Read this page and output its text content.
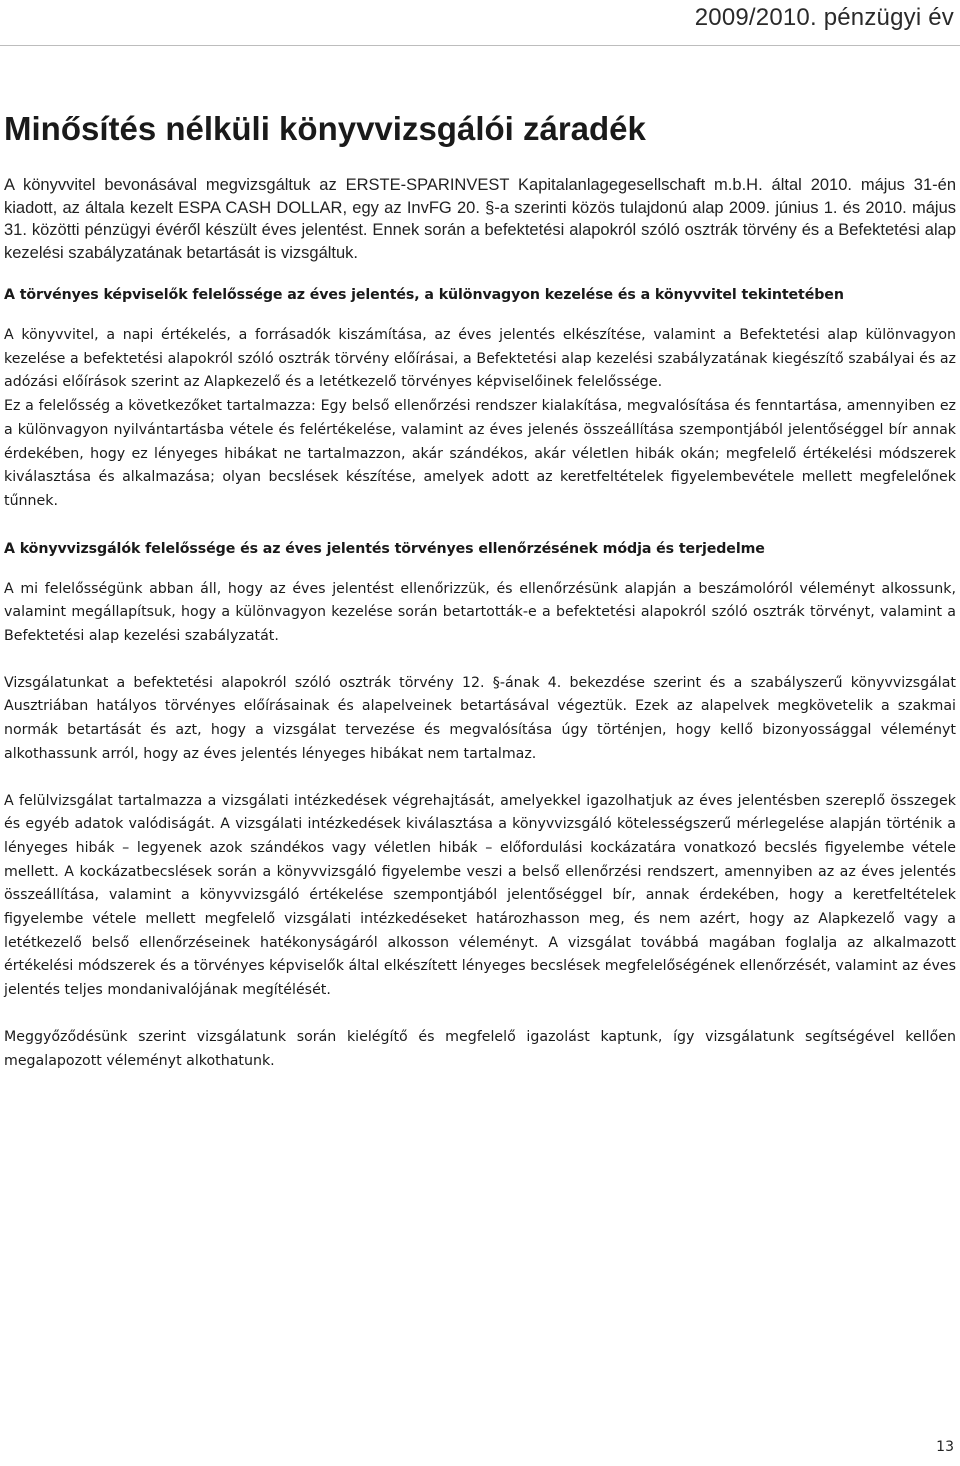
2009/2010. pénzügyi év
Minősítés nélküli könyvvizsgálói záradék

A könyvvitel bevonásával megvizsgáltuk az ERSTE-SPARINVEST Kapitalanlagegesellschaft m.b.H. által 2010. május 31-én kiadott, az általa kezelt ESPA CASH DOLLAR, egy az InvFG 20. §-a szerinti közös tulajdonú alap 2009. június 1. és 2010. május 31. közötti pénzügyi évéről készült éves jelentést. Ennek során a befektetési alapokról szóló osztrák törvény és a Befektetési alap kezelési szabályzatának betartását is vizsgáltuk.

A törvényes képviselők felelőssége az éves jelentés, a különvagyon kezelése és a könyvvitel tekintetében

A könyvvitel, a napi értékelés, a forrásadók kiszámítása, az éves jelentés elkészítése, valamint a Befektetési alap különvagyon kezelése a befektetési alapokról szóló osztrák törvény előírásai, a Befektetési alap kezelési szabályzatának kiegészítő szabályai és az adózási előírások szerint az Alapkezelő és a letétkezelő törvényes képviselőinek felelőssége.

Ez a felelősség a következőket tartalmazza: Egy belső ellenőrzési rendszer kialakítása, megvalósítása és fenntartása, amennyiben ez a különvagyon nyilvántartásba vétele és felértékelése, valamint az éves jelenés összeállítása szempontjából jelentőséggel bír annak érdekében, hogy ez lényeges hibákat ne tartalmazzon, akár szándékos, akár véletlen hibák okán; megfelelő értékelési módszerek kiválasztása és alkalmazása; olyan becslések készítése, amelyek adott az keretfeltételek figyelembevétele mellett megfelelőnek tűnnek.

A könyvvizsgálók felelőssége és az éves jelentés törvényes ellenőrzésének módja és terjedelme

A mi felelősségünk abban áll, hogy az éves jelentést ellenőrizzük, és ellenőrzésünk alapján a beszámolóról véleményt alkossunk, valamint megállapítsuk, hogy a különvagyon kezelése során betartották-e a befektetési alapokról szóló osztrák törvényt, valamint a Befektetési alap kezelési szabályzatát.

Vizsgálatunkat a befektetési alapokról szóló osztrák törvény 12. §-ának 4. bekezdése szerint és a szabályszerű könyvvizsgálat Ausztriában hatályos törvényes előírásainak és alapelveinek betartásával végeztük. Ezek az alapelvek megkövetelik a szakmai normák betartását és azt, hogy a vizsgálat tervezése és megvalósítása úgy történjen, hogy kellő bizonyossággal véleményt alkothassunk arról, hogy az éves jelentés lényeges hibákat nem tartalmaz.

A felülvizsgálat tartalmazza a vizsgálati intézkedések végrehajtását, amelyekkel igazolhatjuk az éves jelentésben szereplő összegek és egyéb adatok valódiságát. A vizsgálati intézkedések kiválasztása a könyvvizsgáló kötelességszerű mérlegelése alapján történik a lényeges hibák – legyenek azok szándékos vagy véletlen hibák – előfordulási kockázatára vonatkozó becslés figyelembe vétele mellett. A kockázatbecslések során a könyvvizsgáló figyelembe veszi a belső ellenőrzési rendszert, amennyiben az az éves jelentés összeállítása, valamint a könyvvizsgáló értékelése szempontjából jelentőséggel bír, annak érdekében, hogy a keretfeltételek figyelembe vétele mellett megfelelő vizsgálati intézkedéseket határozhasson meg, és nem azért, hogy az Alapkezelő vagy a letétkezelő belső ellenőrzéseinek hatékonyságáról alkosson véleményt. A vizsgálat továbbá magában foglalja az alkalmazott értékelési módszerek és a törvényes képviselők által elkészített lényeges becslések megfelelőségének ellenőrzését, valamint az éves jelentés teljes mondanivalójának megítélését.

Meggyőződésünk szerint vizsgálatunk során kielégítő és megfelelő igazolást kaptunk, így vizsgálatunk segítségével kellően megalapozott véleményt alkothatunk.

13
